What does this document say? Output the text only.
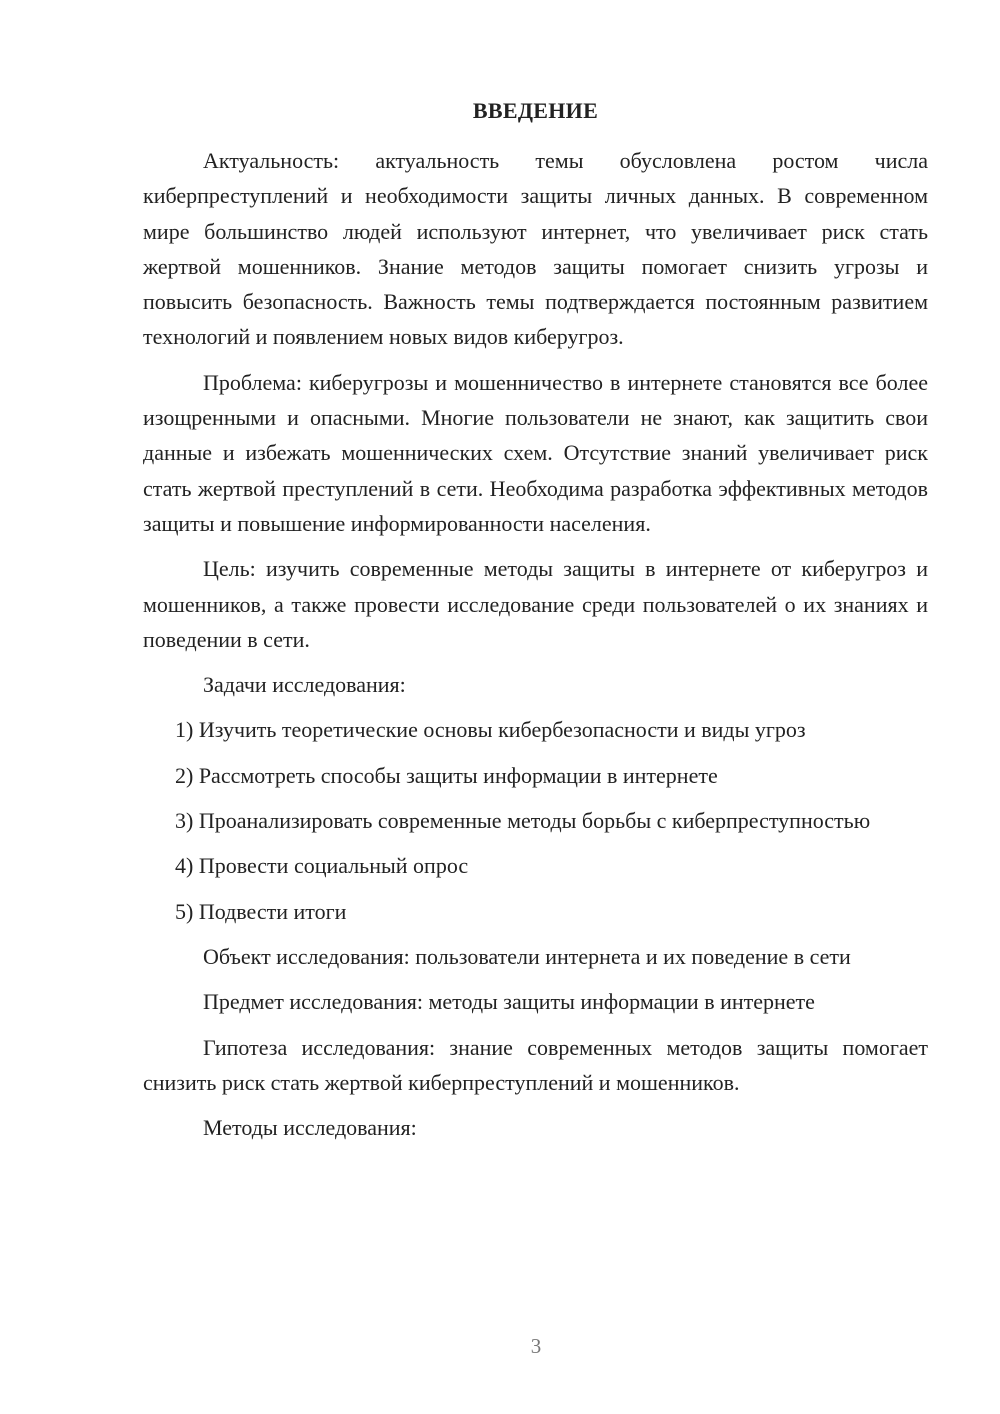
ВВЕДЕНИЕ

Актуальность: актуальность темы обусловлена ростом числа киберпреступлений и необходимости защиты личных данных. В современном мире большинство людей используют интернет, что увеличивает риск стать жертвой мошенников. Знание методов защиты помогает снизить угрозы и повысить безопасность. Важность темы подтверждается постоянным развитием технологий и появлением новых видов киберугроз.

Проблема: киберугрозы и мошенничество в интернете становятся все более изощренными и опасными. Многие пользователи не знают, как защитить свои данные и избежать мошеннических схем. Отсутствие знаний увеличивает риск стать жертвой преступлений в сети. Необходима разработка эффективных методов защиты и повышение информированности населения.

Цель: изучить современные методы защиты в интернете от киберугроз и мошенников, а также провести исследование среди пользователей о их знаниях и поведении в сети.

Задачи исследования:

1) Изучить теоретические основы кибербезопасности и виды угроз

2) Рассмотреть способы защиты информации в интернете

3) Проанализировать современные методы борьбы с киберпреступностью

4) Провести социальный опрос

5) Подвести итоги

Объект исследования: пользователи интернета и их поведение в сети

Предмет исследования: методы защиты информации в интернете

Гипотеза исследования: знание современных методов защиты помогает снизить риск стать жертвой киберпреступлений и мошенников.

Методы исследования:

3
